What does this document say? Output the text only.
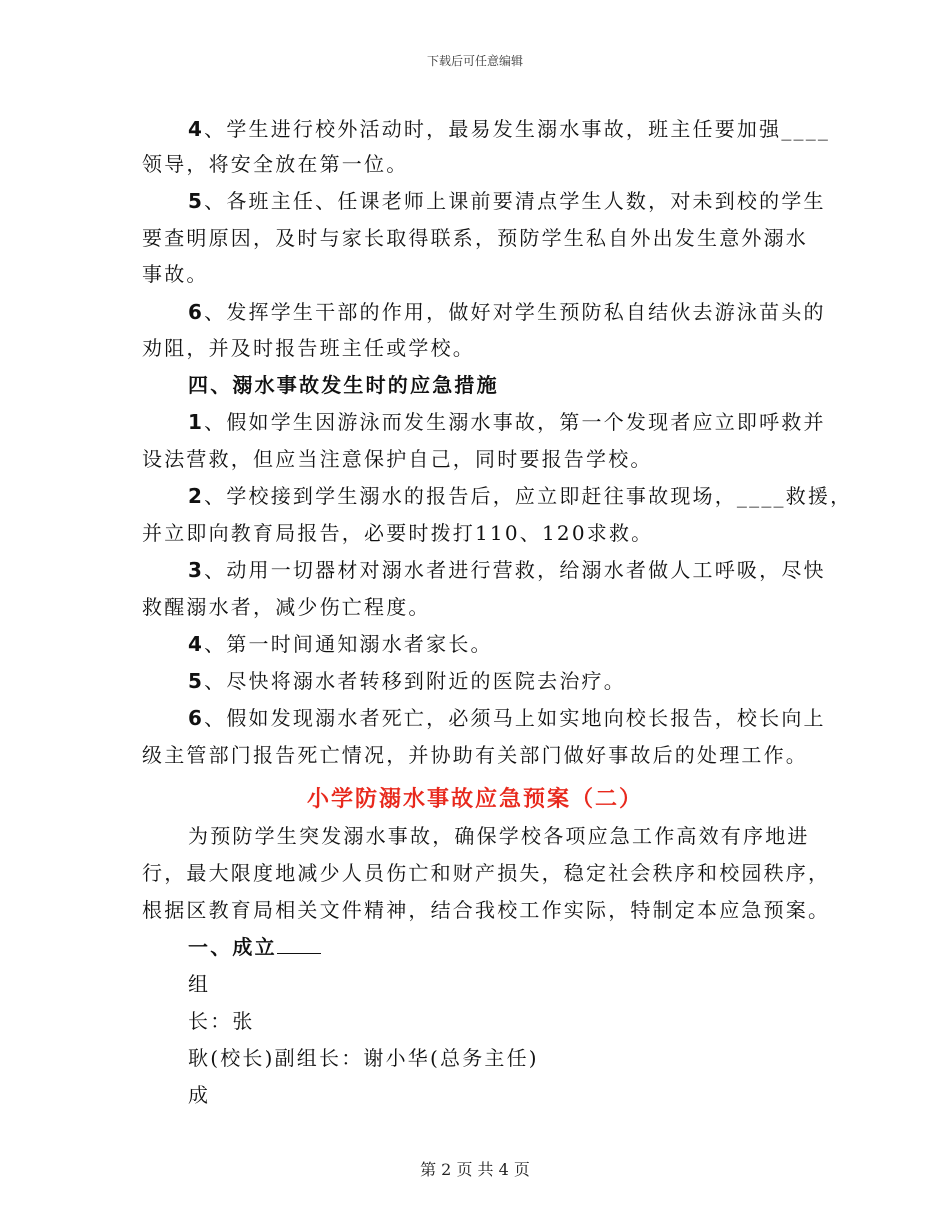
下载后可任意编辑
4、学生进行校外活动时，最易发生溺水事故，班主任要加强____
领导，将安全放在第一位。
5、各班主任、任课老师上课前要清点学生人数，对未到校的学生
要查明原因，及时与家长取得联系，预防学生私自外出发生意外溺水
事故。
6、发挥学生干部的作用，做好对学生预防私自结伙去游泳苗头的
劝阻，并及时报告班主任或学校。
四、溺水事故发生时的应急措施
1、假如学生因游泳而发生溺水事故，第一个发现者应立即呼救并
设法营救，但应当注意保护自己，同时要报告学校。
2、学校接到学生溺水的报告后，应立即赶往事故现场，____救援，
并立即向教育局报告，必要时拨打110、120求救。
3、动用一切器材对溺水者进行营救，给溺水者做人工呼吸，尽快
救醒溺水者，减少伤亡程度。
4、第一时间通知溺水者家长。
5、尽快将溺水者转移到附近的医院去治疗。
6、假如发现溺水者死亡，必须马上如实地向校长报告，校长向上
级主管部门报告死亡情况，并协助有关部门做好事故后的处理工作。
小学防溺水事故应急预案（二）
为预防学生突发溺水事故，确保学校各项应急工作高效有序地进
行，最大限度地减少人员伤亡和财产损失，稳定社会秩序和校园秩序，
根据区教育局相关文件精神，结合我校工作实际，特制定本应急预案。
一、成立
组
长：张
耿(校长)副组长：谢小华(总务主任)
成
第 2 页 共 4 页
